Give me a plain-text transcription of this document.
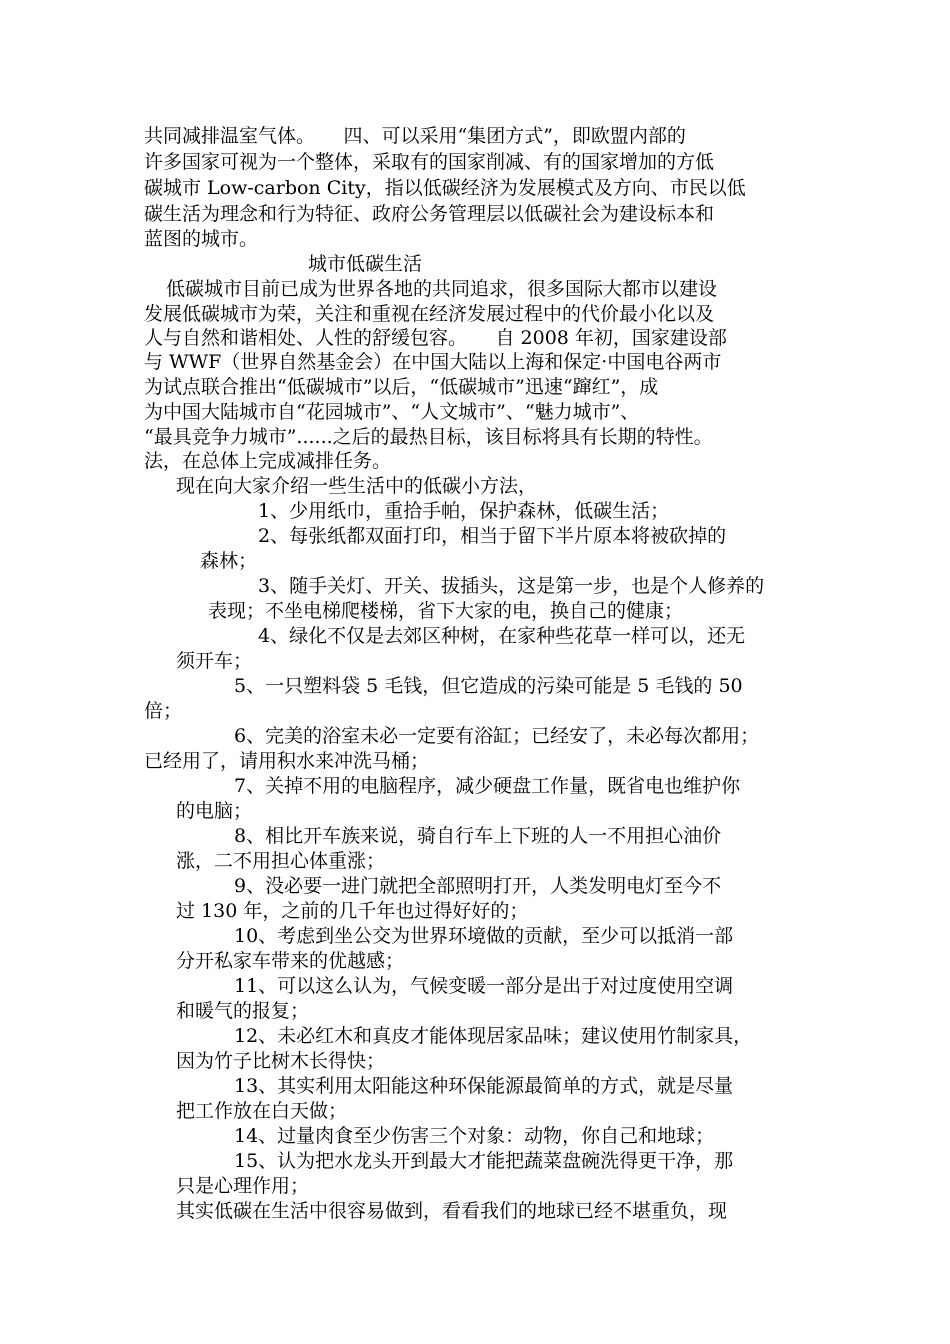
共同减排温室气体。　　四、可以采用“集团方式”，即欧盟内部的
许多国家可视为一个整体，采取有的国家削减、有的国家增加的方低
碳城市 Low-carbon City，指以低碳经济为发展模式及方向、市民以低
碳生活为理念和行为特征、政府公务管理层以低碳社会为建设标本和
蓝图的城市。
城市低碳生活
低碳城市目前已成为世界各地的共同追求，很多国际大都市以建设
发展低碳城市为荣，关注和重视在经济发展过程中的代价最小化以及
人与自然和谐相处、人性的舒缓包容。　　自 2008 年初，国家建设部
与 WWF（世界自然基金会）在中国大陆以上海和保定·中国电谷两市
为试点联合推出“低碳城市”以后，“低碳城市”迅速“蹿红”，成
为中国大陆城市自“花园城市”、“人文城市”、“魅力城市”、
“最具竞争力城市”......之后的最热目标，该目标将具有长期的特性。
法，在总体上完成减排任务。
现在向大家介绍一些生活中的低碳小方法，
1、少用纸巾，重拾手帕，保护森林，低碳生活；
2、每张纸都双面打印，相当于留下半片原本将被砍掉的
森林；
3、随手关灯、开关、拔插头，这是第一步，也是个人修养的
表现；不坐电梯爬楼梯，省下大家的电，换自己的健康；
4、绿化不仅是去郊区种树，在家种些花草一样可以，还无
须开车；
5、一只塑料袋 5 毛钱，但它造成的污染可能是 5 毛钱的 50
倍；
6、完美的浴室未必一定要有浴缸；已经安了，未必每次都用；
已经用了，请用积水来冲洗马桶；
7、关掉不用的电脑程序，减少硬盘工作量，既省电也维护你
的电脑；
8、相比开车族来说，骑自行车上下班的人一不用担心油价
涨，二不用担心体重涨；
9、没必要一进门就把全部照明打开，人类发明电灯至今不
过 130 年，之前的几千年也过得好好的；
10、考虑到坐公交为世界环境做的贡献，至少可以抵消一部
分开私家车带来的优越感；
11、可以这么认为，气候变暖一部分是出于对过度使用空调
和暖气的报复；
12、未必红木和真皮才能体现居家品味；建议使用竹制家具，
因为竹子比树木长得快；
13、其实利用太阳能这种环保能源最简单的方式，就是尽量
把工作放在白天做；
14、过量肉食至少伤害三个对象：动物，你自己和地球；
15、认为把水龙头开到最大才能把蔬菜盘碗洗得更干净，那
只是心理作用；
其实低碳在生活中很容易做到，看看我们的地球已经不堪重负，现
